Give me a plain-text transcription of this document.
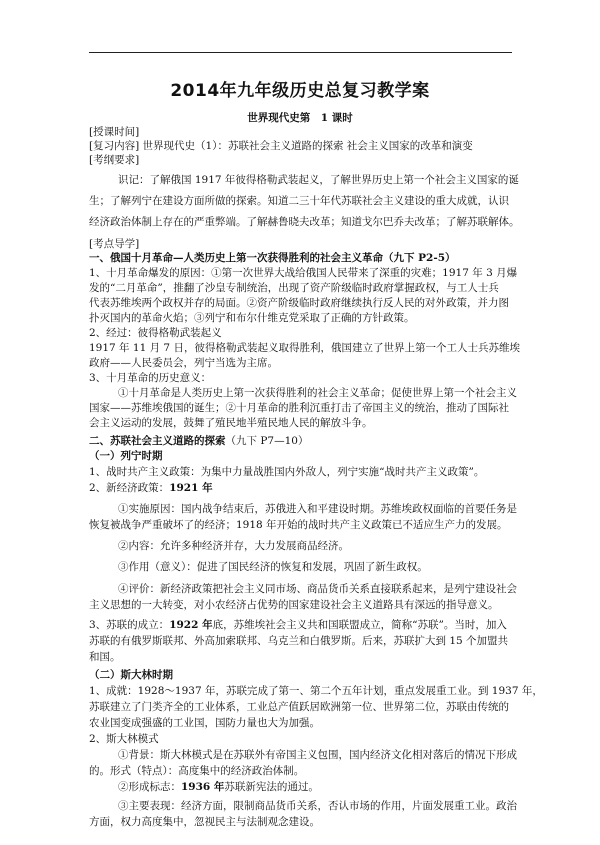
2014年九年级历史总复习教学案
世界现代史第　1 课时
[授课时间]
[复习内容] 世界现代史（1）：苏联社会主义道路的探索 社会主义国家的改革和演变
[考纲要求]
识记：了解俄国 1917 年彼得格勒武装起义，了解世界历史上第一个社会主义国家的诞
生；了解列宁在建设方面所做的探索。知道二三十年代苏联社会主义建设的重大成就，认识
经济政治体制上存在的严重弊端。了解赫鲁晓夫改革；知道戈尔巴乔夫改革；了解苏联解体。
[考点导学]
一、俄国十月革命—人类历史上第一次获得胜利的社会主义革命（九下 P2-5）
1、十月革命爆发的原因：①第一次世界大战给俄国人民带来了深重的灾难；1917 年 3 月爆
发的“二月革命”，推翻了沙皇专制统治，出现了资产阶级临时政府掌握政权，与工人士兵
代表苏维埃两个政权并存的局面。②资产阶级临时政府继续执行反人民的对外政策，并力图
扑灭国内的革命火焰；③列宁和布尔什维克党采取了正确的方针政策。
2、经过：彼得格勒武装起义
1917 年 11 月 7 日，彼得格勒武装起义取得胜利，俄国建立了世界上第一个工人士兵苏维埃
政府——人民委员会，列宁当选为主席。
3、十月革命的历史意义：
①十月革命是人类历史上第一次获得胜利的社会主义革命；促使世界上第一个社会主义
国家——苏维埃俄国的诞生；②十月革命的胜利沉重打击了帝国主义的统治，推动了国际社
会主义运动的发展，鼓舞了殖民地半殖民地人民的解放斗争。
二、苏联社会主义道路的探索（九下 P7—10）
（一）列宁时期
1、战时共产主义政策：为集中力量战胜国内外敌人，列宁实施“战时共产主义政策”。
2、新经济政策：1921 年
①实施原因：国内战争结束后，苏俄进入和平建设时期。苏维埃政权面临的首要任务是
恢复被战争严重破坏了的经济；1918 年开始的战时共产主义政策已不适应生产力的发展。
②内容：允许多种经济并存，大力发展商品经济。
③作用（意义）：促进了国民经济的恢复和发展，巩固了新生政权。
④评价：新经济政策把社会主义同市场、商品货币关系直接联系起来，是列宁建设社会
主义思想的一大转变，对小农经济占优势的国家建设社会主义道路具有深远的指导意义。
3、苏联的成立：1922 年底，苏维埃社会主义共和国联盟成立，简称“苏联”。当时，加入
苏联的有俄罗斯联邦、外高加索联邦、乌克兰和白俄罗斯。后来，苏联扩大到 15 个加盟共
和国。
（二）斯大林时期
1、成就：1928～1937 年，苏联完成了第一、第二个五年计划，重点发展重工业。到 1937 年，
苏联建立了门类齐全的工业体系，工业总产值跃居欧洲第一位、世界第二位，苏联由传统的
农业国变成强盛的工业国，国防力量也大为加强。
2、斯大林模式
①背景：斯大林模式是在苏联外有帝国主义包围，国内经济文化相对落后的情况下形成
的。形式（特点）：高度集中的经济政治体制。
②形成标志：1936 年苏联新宪法的通过。
③主要表现：经济方面，限制商品货币关系，否认市场的作用，片面发展重工业。政治
方面，权力高度集中，忽视民主与法制观念建设。
